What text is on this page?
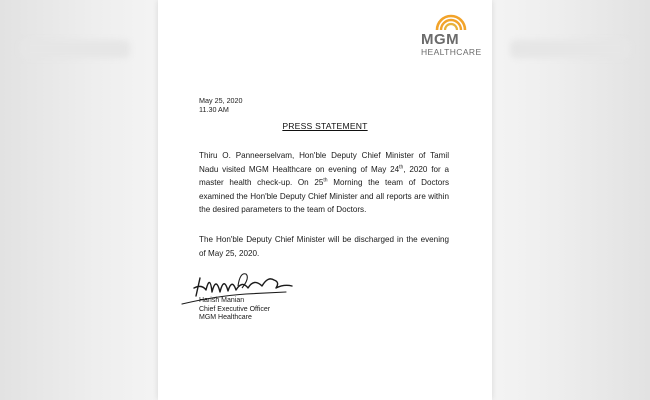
MGM
HEALTHCARE
May 25, 2020
11.30 AM
PRESS STATEMENT
Thiru O. Panneerselvam, Hon'ble Deputy Chief Minister of Tamil Nadu visited MGM Healthcare on evening of May 24th, 2020 for a master health check-up. On 25th Morning the team of Doctors examined the Hon'ble Deputy Chief Minister and all reports are within the desired parameters to the team of Doctors.
The Hon'ble Deputy Chief Minister will be discharged in the evening of May 25, 2020.
Harish Manian
Chief Executive Officer
MGM Healthcare
